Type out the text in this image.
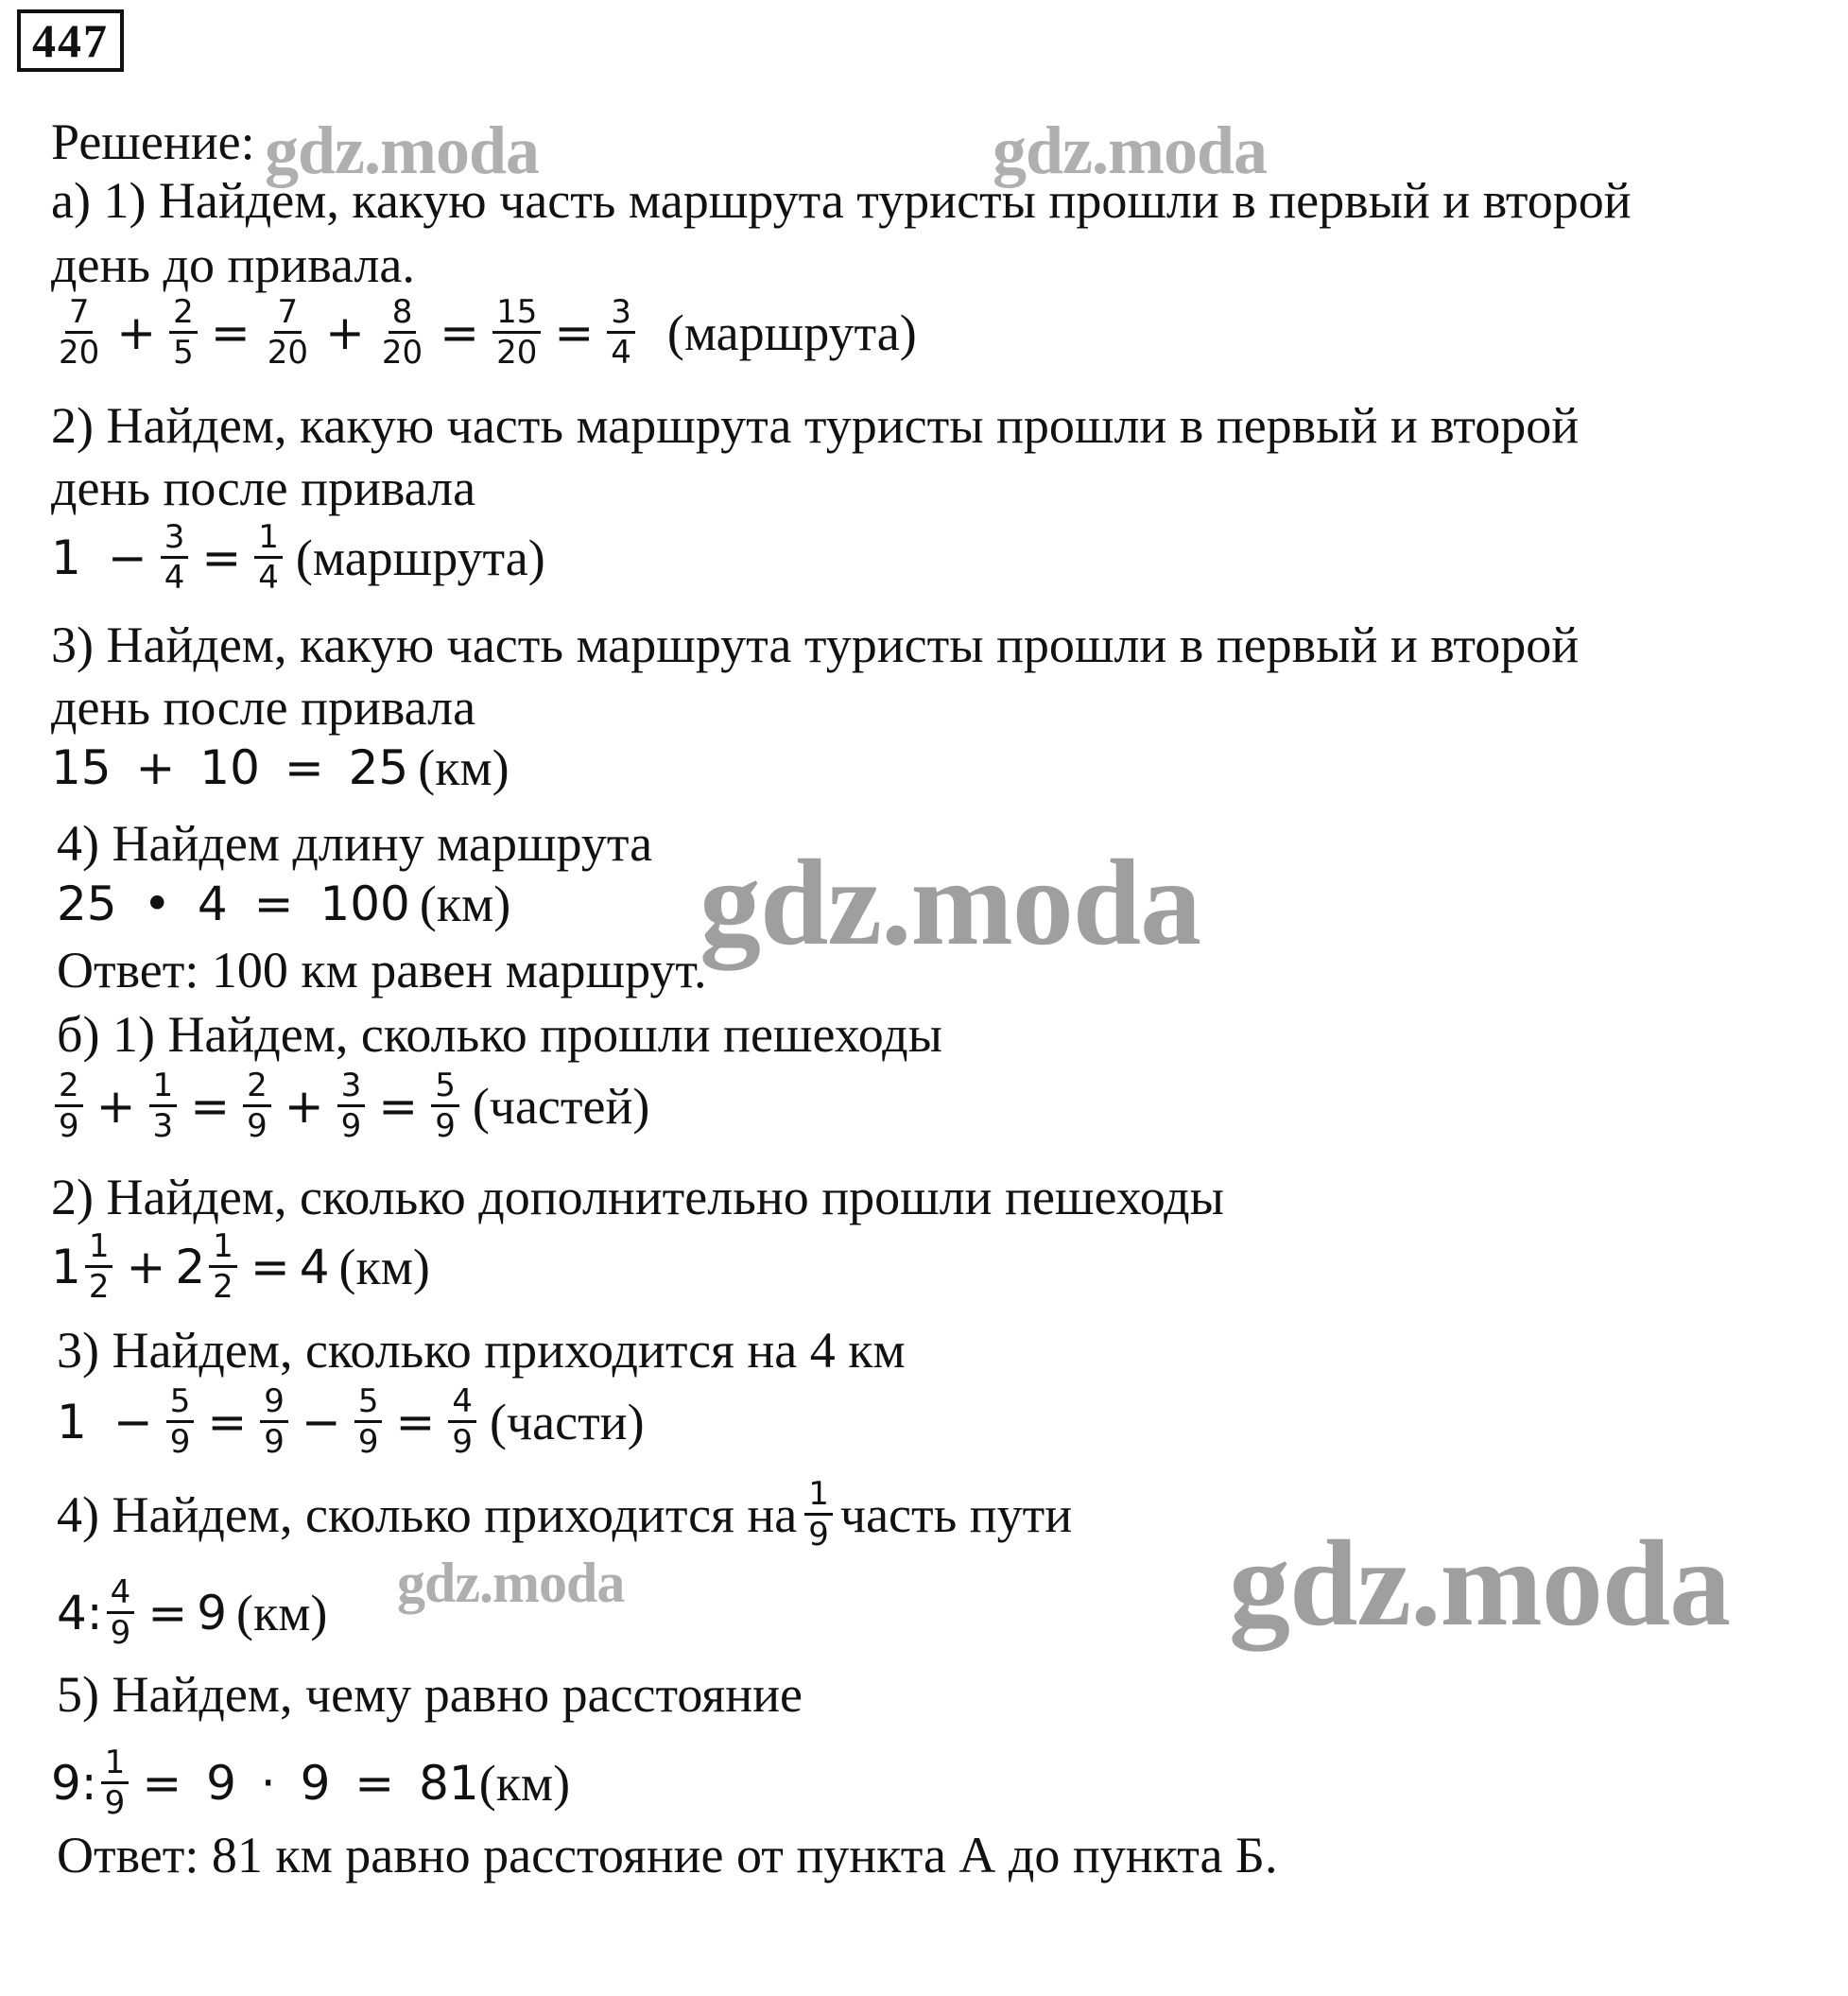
447
Решение:
а) 1) Найдем, какую часть маршрута туристы прошли в первый и второй
день до привала.
$\frac{7}{20} + \frac{2}{5} = \frac{7}{20} + \frac{8}{20} = \frac{15}{20} = \frac{3}{4}$ (маршрута)
2) Найдем, какую часть маршрута туристы прошли в первый и второй
день после привала
$1 - \frac{3}{4} = \frac{1}{4}$ (маршрута)
3) Найдем, какую часть маршрута туристы прошли в первый и второй
день после привала
15 + 10 = 25 (км)
4) Найдем длину маршрута
25 • 4 = 100 (км)
Ответ: 100 км равен маршрут.
б) 1) Найдем, сколько прошли пешеходы
$\frac{2}{9} + \frac{1}{3} = \frac{2}{9} + \frac{3}{9} = \frac{5}{9}$ (частей)
2) Найдем, сколько дополнительно прошли пешеходы
$1 \frac{1}{2} + 2 \frac{1}{2} = 4$ (км)
3) Найдем, сколько приходится на 4 км
$1 - \frac{5}{9} = \frac{9}{9} - \frac{5}{9} = \frac{4}{9}$ (части)
4) Найдем, сколько приходится на $\frac{1}{9}$ часть пути
4: $\frac{4}{9} = 9$ (км)
5) Найдем, чему равно расстояние
9: $\frac{1}{9} = 9 \cdot 9 = 81$ (км)
Ответ: 81 км равно расстояние от пункта А до пункта Б.
gdz.moda	gdz.moda
gdz.moda
gdz.moda	gdz.moda
